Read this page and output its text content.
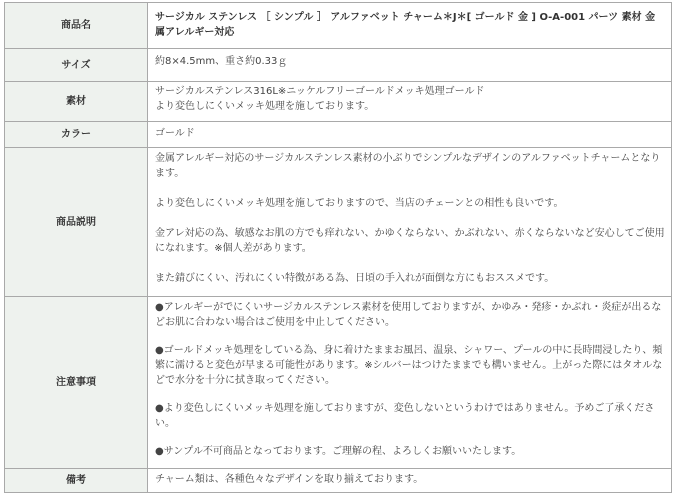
商品名	サージカル ステンレス ［ シンプル ］ アルファベット チャーム＊J＊[ ゴールド 金 ] O-A-001 パーツ 素材 金属アレルギー対応
サイズ	約8×4.5mm、重さ約0.33ｇ
素材	サージカルステンレス316L※ニッケルフリーゴールドメッキ処理ゴールド

より変色しにくいメッキ処理を施しております。

カラー	ゴールド
商品説明	金属アレルギー対応のサージカルステンレス素材の小ぶりでシンプルなデザインのアルファベットチャームとなります。

より変色しにくいメッキ処理を施しておりますので、当店のチェーンとの相性も良いです。

金アレ対応の為、敏感なお肌の方でも痒れない、かゆくならない、かぶれない、赤くならないなど安心してご使用になれます。※個人差があります。

また錆びにくい、汚れにくい特徴がある為、日頃の手入れが面倒な方にもおススメです。

注意事項	●アレルギーがでにくいサージカルステンレス素材を使用しておりますが、かゆみ・発疹・かぶれ・炎症が出るなどお肌に合わない場合はご使用を中止してください。

●ゴールドメッキ処理をしている為、身に着けたままお風呂、温泉、シャワー、プールの中に長時間浸したり、頻繁に濡けると変色が早まる可能性があります。※シルバーはつけたままでも構いません。上がった際にはタオルなどで水分を十分に拭き取ってください。

●より変色しにくいメッキ処理を施しておりますが、変色しないというわけではありません。予めご了承ください。

●サンプル不可商品となっております。ご理解の程、よろしくお願いいたします。

備考	チャーム類は、各種色々なデザインを取り揃えております。
